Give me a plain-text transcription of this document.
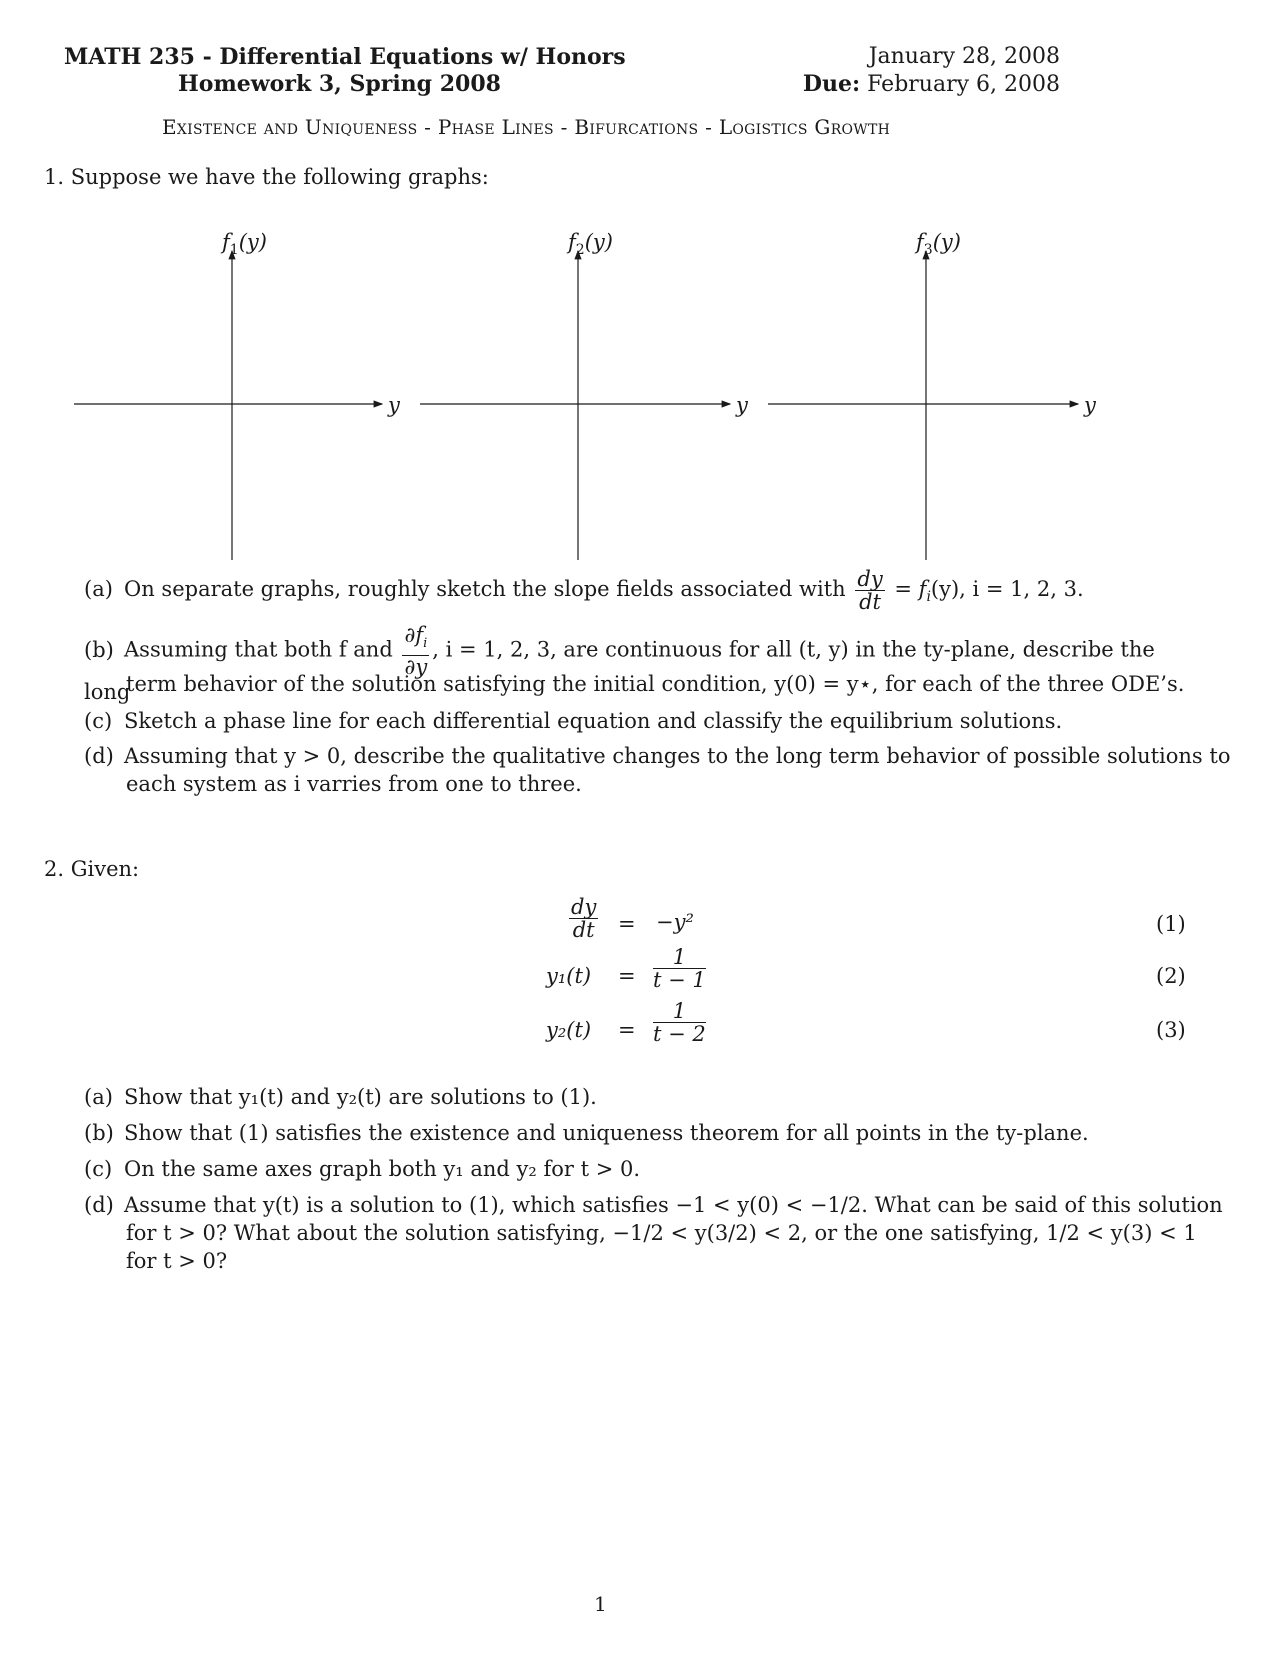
MATH 235 - Differential Equations w/ Honors
Homework 3, Spring 2008
January 28, 2008
Due: February 6, 2008
Existence and Uniqueness - Phase Lines - Bifurcations - Logistics Growth
1. Suppose we have the following graphs:
$f_1(y)$
y
$f_2(y)$
y
$f_3(y)$
y
(a) On separate graphs, roughly sketch the slope fields associated with $\frac{dy}{dt} = f_i(y)$, i = 1, 2, 3.
(b) Assuming that both f and $\frac{\partial f_i}{\partial y}$ , i = 1, 2, 3, are continuous for all (t, y) in the ty-plane, describe the long
term behavior of the solution satisfying the initial condition, y(0) = y⋆, for each of the three ODE’s.
(c) Sketch a phase line for each differential equation and classify the equilibrium solutions.
(d) Assuming that y > 0, describe the qualitative changes to the long term behavior of possible solutions to
each system as i varries from one to three.
2. Given:
$\frac{dy}{dt} = -y^2$	(1)
$y_1(t) = \frac{1}{t - 1}$	(2)
$y_2(t) = \frac{1}{t - 2}$	(3)
(a) Show that y₁(t) and y₂(t) are solutions to (1).
(b) Show that (1) satisfies the existence and uniqueness theorem for all points in the ty-plane.
(c) On the same axes graph both y₁ and y₂ for t > 0.
(d) Assume that y(t) is a solution to (1), which satisfies −1 < y(0) < −1/2. What can be said of this solution
for t > 0? What about the solution satisfying, −1/2 < y(3/2) < 2, or the one satisfying, 1/2 < y(3) < 1
for t > 0?
1
